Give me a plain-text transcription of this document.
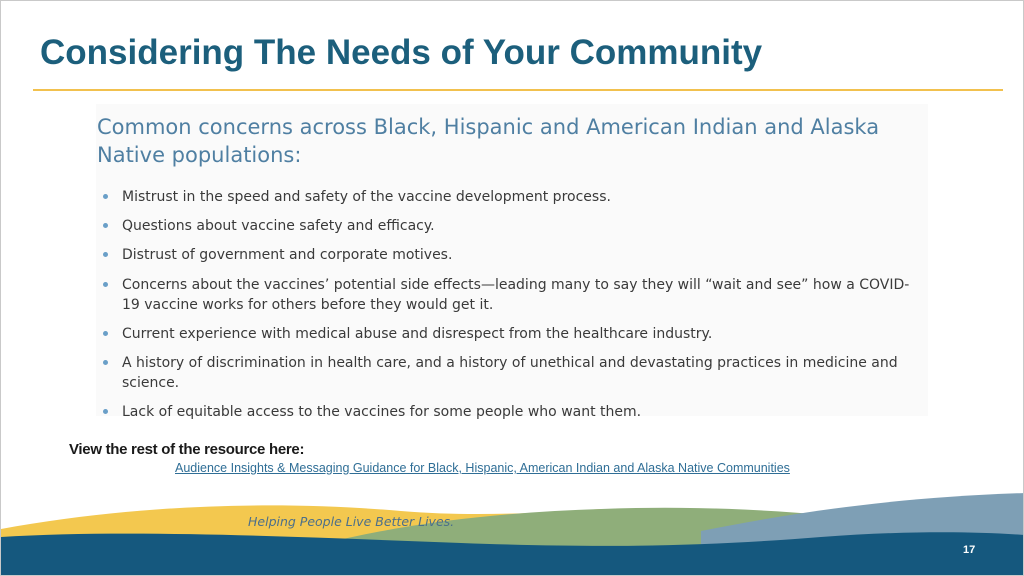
Considering The Needs of Your Community
Common concerns across Black, Hispanic and American Indian and Alaska Native populations:
Mistrust in the speed and safety of the vaccine development process.
Questions about vaccine safety and efficacy.
Distrust of government and corporate motives.
Concerns about the vaccines’ potential side effects—leading many to say they will “wait and see” how a COVID-19 vaccine works for others before they would get it.
Current experience with medical abuse and disrespect from the healthcare industry.
A history of discrimination in health care, and a history of unethical and devastating practices in medicine and science.
Lack of equitable access to the vaccines for some people who want them.

View the rest of the resource here:

Audience Insights & Messaging Guidance for Black, Hispanic, American Indian and Alaska Native Communities
Helping People Live Better Lives.
17
